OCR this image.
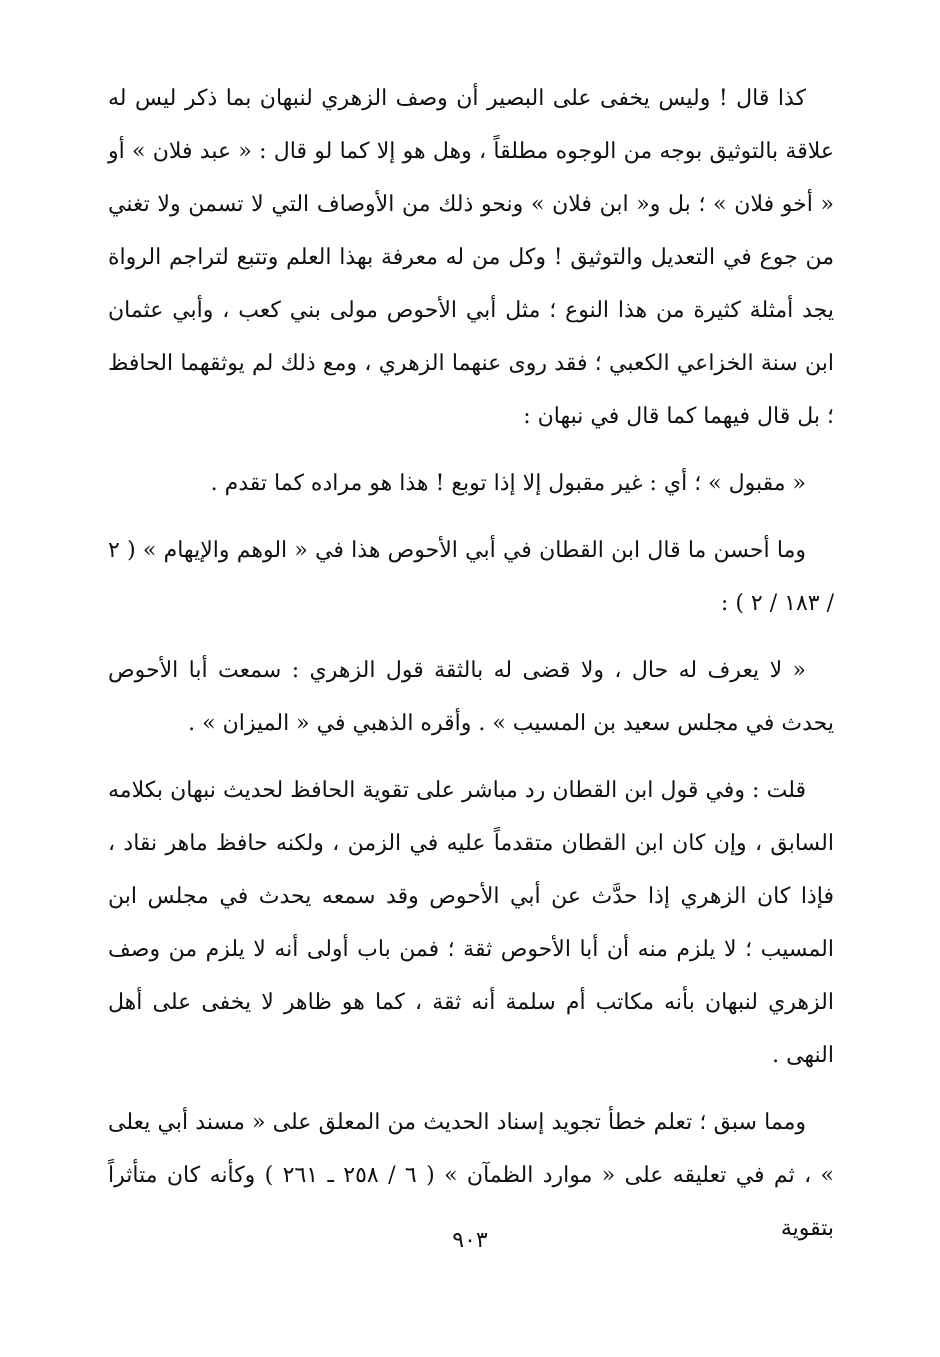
كذا قال ! وليس يخفى على البصير أن وصف الزهري لنبهان بما ذكر ليس له علاقة بالتوثيق بوجه من الوجوه مطلقاً ، وهل هو إلا كما لو قال : « عبد فلان » أو « أخو فلان » ؛ بل و« ابن فلان » ونحو ذلك من الأوصاف التي لا تسمن ولا تغني من جوع في التعديل والتوثيق ! وكل من له معرفة بهذا العلم وتتبع لتراجم الرواة يجد أمثلة كثيرة من هذا النوع ؛ مثل أبي الأحوص مولى بني كعب ، وأبي عثمان ابن سنة الخزاعي الكعبي ؛ فقد روى عنهما الزهري ، ومع ذلك لم يوثقهما الحافظ ؛ بل قال فيهما كما قال في نبهان :

« مقبول » ؛ أي : غير مقبول إلا إذا توبع ! هذا هو مراده كما تقدم .

وما أحسن ما قال ابن القطان في أبي الأحوص هذا في « الوهم والإيهام » ( ٢ / ١٨٣ / ٢ ) :

« لا يعرف له حال ، ولا قضى له بالثقة قول الزهري : سمعت أبا الأحوص يحدث في مجلس سعيد بن المسيب » . وأقره الذهبي في « الميزان » .

قلت : وفي قول ابن القطان رد مباشر على تقوية الحافظ لحديث نبهان بكلامه السابق ، وإن كان ابن القطان متقدماً عليه في الزمن ، ولكنه حافظ ماهر نقاد ، فإذا كان الزهري إذا حدَّث عن أبي الأحوص وقد سمعه يحدث في مجلس ابن المسيب ؛ لا يلزم منه أن أبا الأحوص ثقة ؛ فمن باب أولى أنه لا يلزم من وصف الزهري لنبهان بأنه مكاتب أم سلمة أنه ثقة ، كما هو ظاهر لا يخفى على أهل النهى .

ومما سبق ؛ تعلم خطأ تجويد إسناد الحديث من المعلق على « مسند أبي يعلى » ، ثم في تعليقه على « موارد الظمآن » ( ٦ / ٢٥٨ ـ ٢٦١ ) وكأنه كان متأثراً بتقوية

٩٠٣
